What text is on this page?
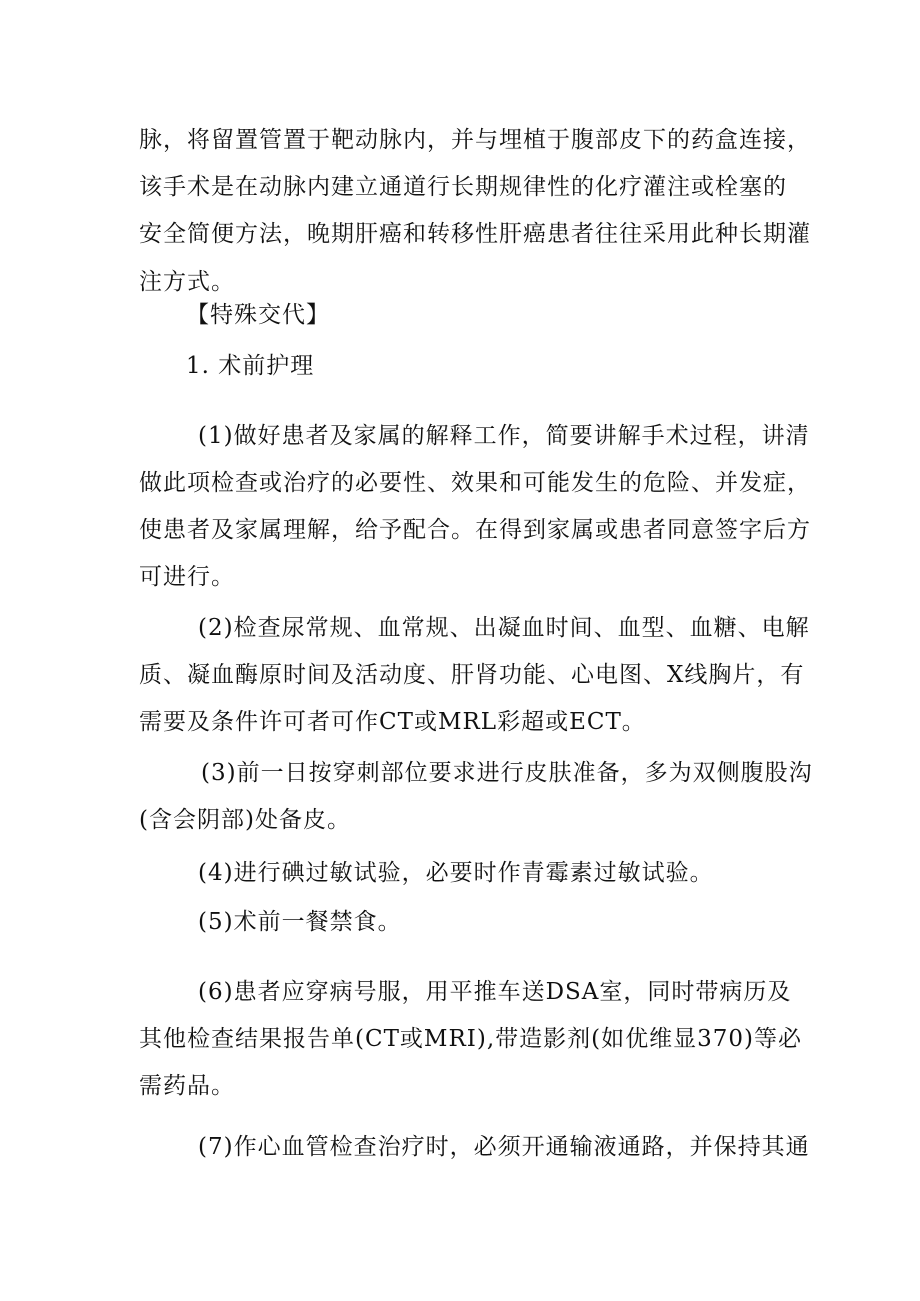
脉，将留置管置于靶动脉内，并与埋植于腹部皮下的药盒连接，
该手术是在动脉内建立通道行长期规律性的化疗灌注或栓塞的
安全简便方法，晚期肝癌和转移性肝癌患者往往采用此种长期灌
注方式。
【特殊交代】
1. 术前护理
(1)做好患者及家属的解释工作，简要讲解手术过程，讲清
做此项检查或治疗的必要性、效果和可能发生的危险、并发症，
使患者及家属理解，给予配合。在得到家属或患者同意签字后方
可进行。
(2)检查尿常规、血常规、出凝血时间、血型、血糖、电解
质、凝血酶原时间及活动度、肝肾功能、心电图、X线胸片，有
需要及条件许可者可作CT或MRL彩超或ECT。
(3)前一日按穿刺部位要求进行皮肤准备，多为双侧腹股沟
(含会阴部)处备皮。
(4)进行碘过敏试验，必要时作青霉素过敏试验。
(5)术前一餐禁食。
(6)患者应穿病号服，用平推车送DSA室，同时带病历及
其他检查结果报告单(CT或MRI),带造影剂(如优维显370)等必
需药品。
(7)作心血管检查治疗时，必须开通输液通路，并保持其通
